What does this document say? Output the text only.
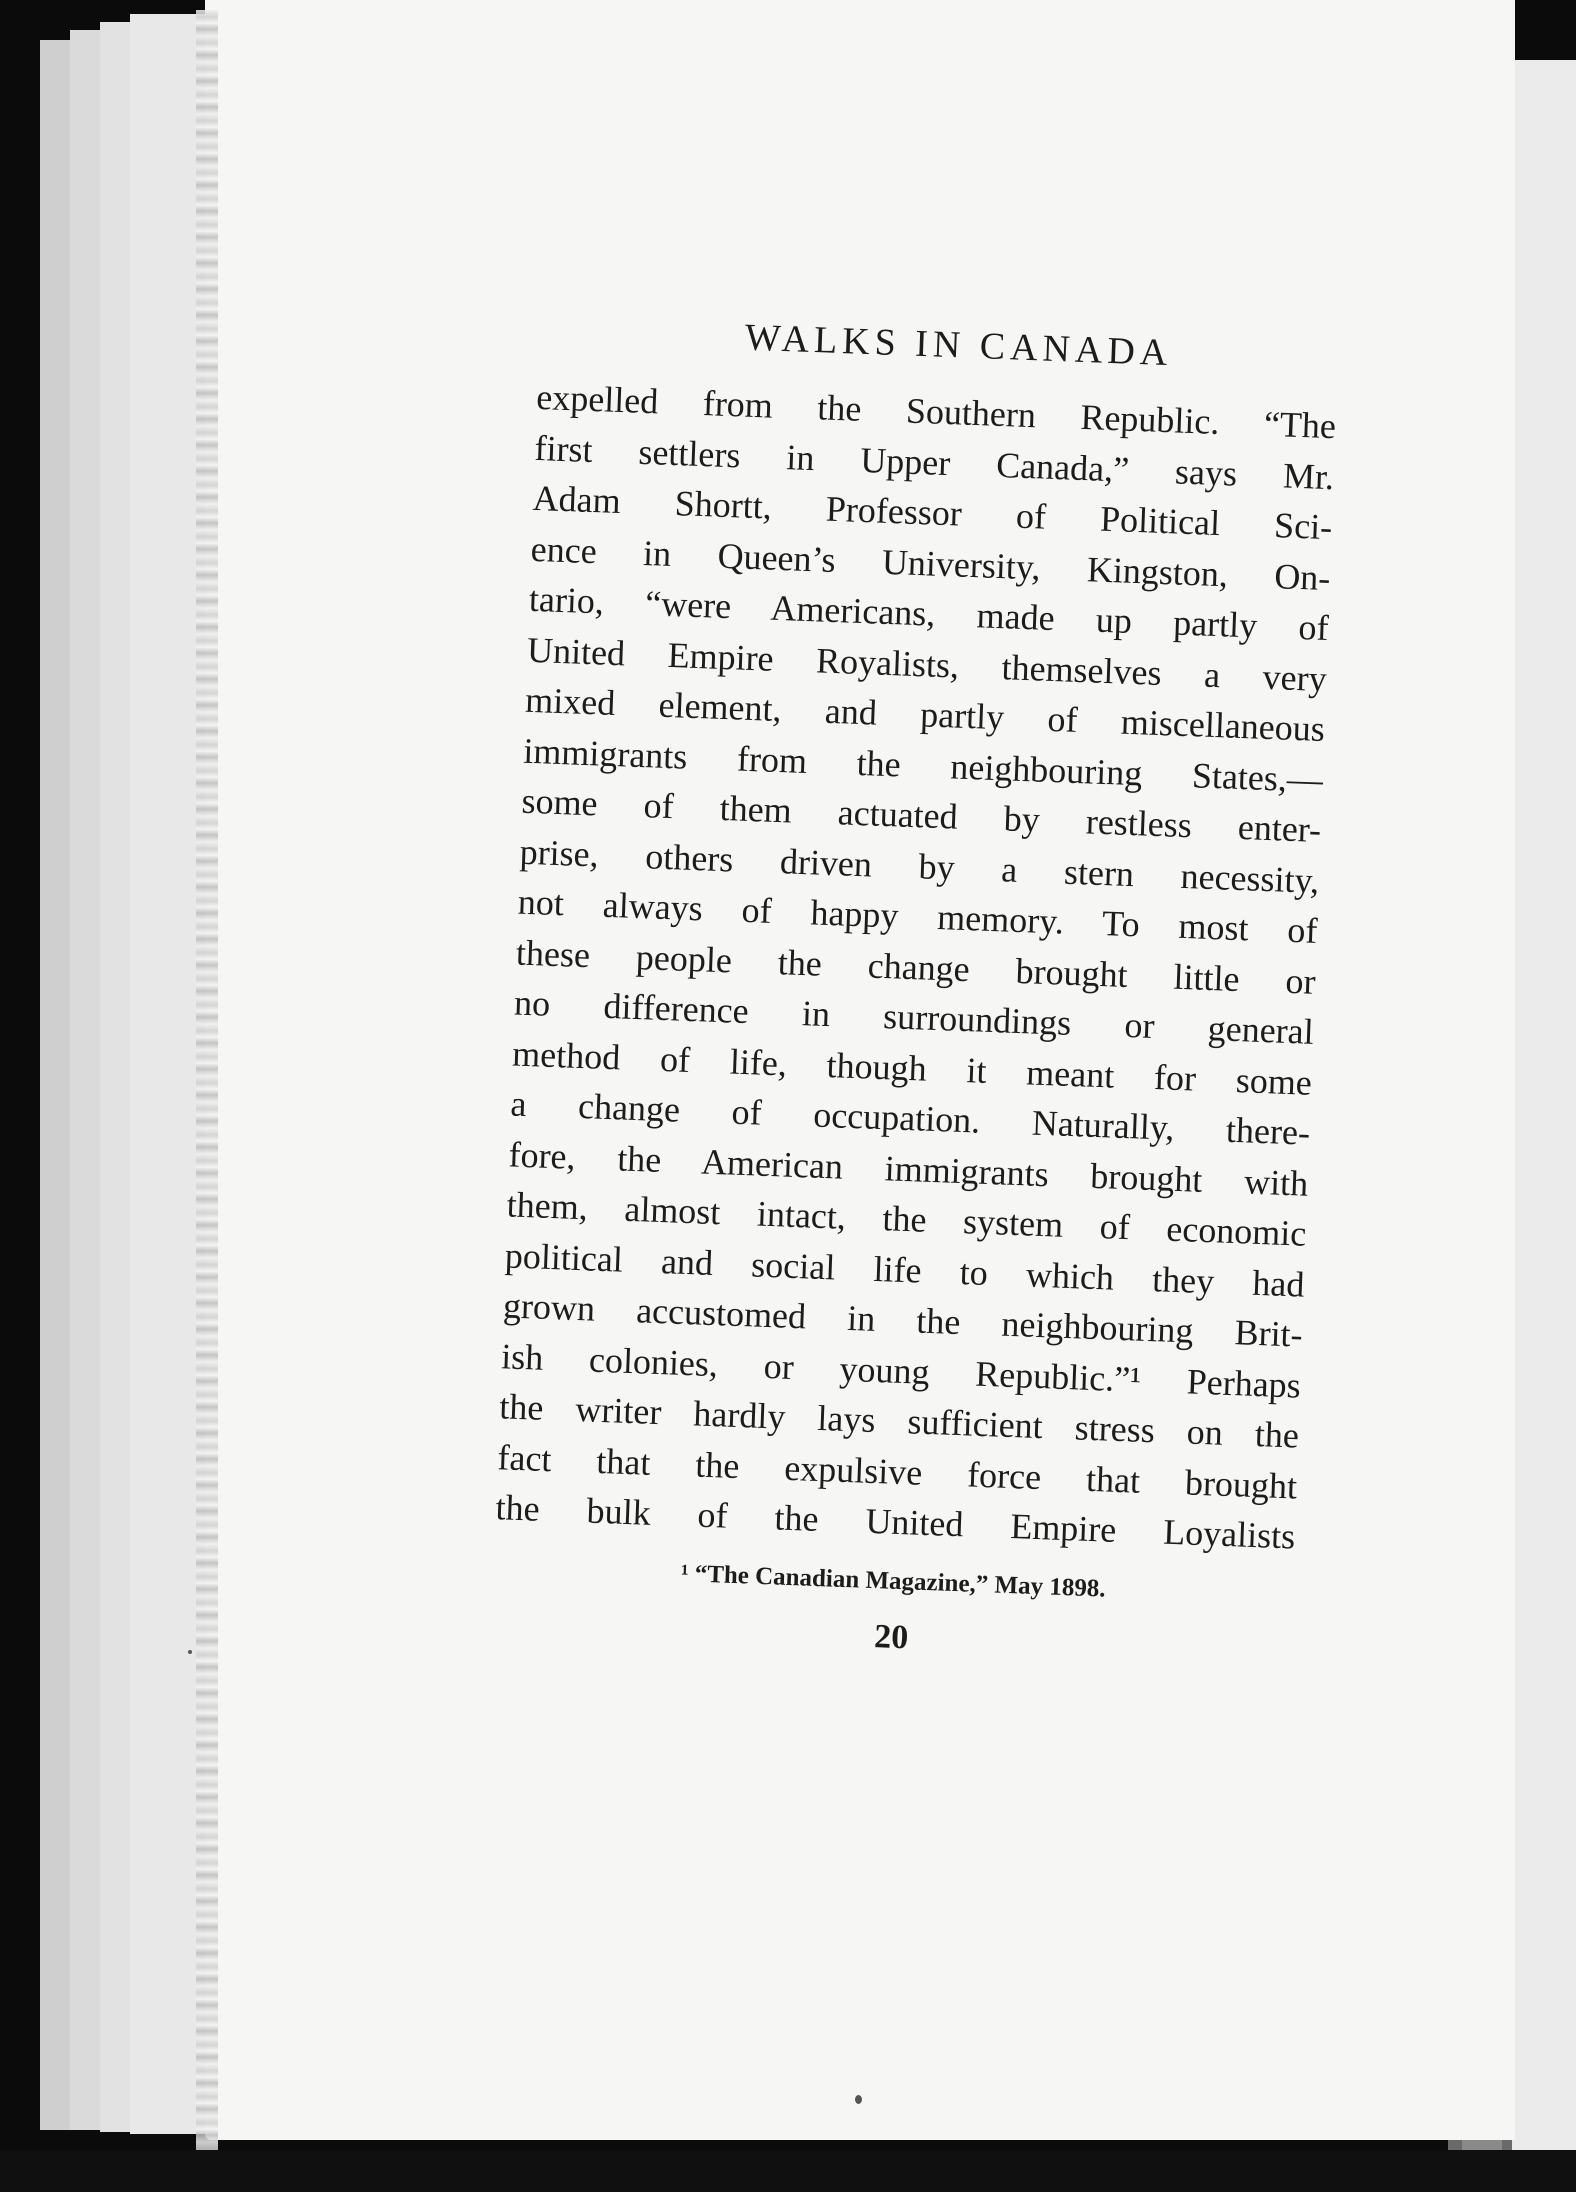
WALKS IN CANADA
expelled from the Southern Republic. “The
first settlers in Upper Canada,” says Mr.
Adam Shortt, Professor of Political Sci-
ence in Queen’s University, Kingston, On-
tario, “were Americans, made up partly of
United Empire Royalists, themselves a very
mixed element, and partly of miscellaneous
immigrants from the neighbouring States,—
some of them actuated by restless enter-
prise, others driven by a stern necessity,
not always of happy memory. To most of
these people the change brought little or
no difference in surroundings or general
method of life, though it meant for some
a change of occupation. Naturally, there-
fore, the American immigrants brought with
them, almost intact, the system of economic
political and social life to which they had
grown accustomed in the neighbouring Brit-
ish colonies, or young Republic.”¹ Perhaps
the writer hardly lays sufficient stress on the
fact that the expulsive force that brought
the bulk of the United Empire Loyalists
¹ “The Canadian Magazine,” May 1898.
20
